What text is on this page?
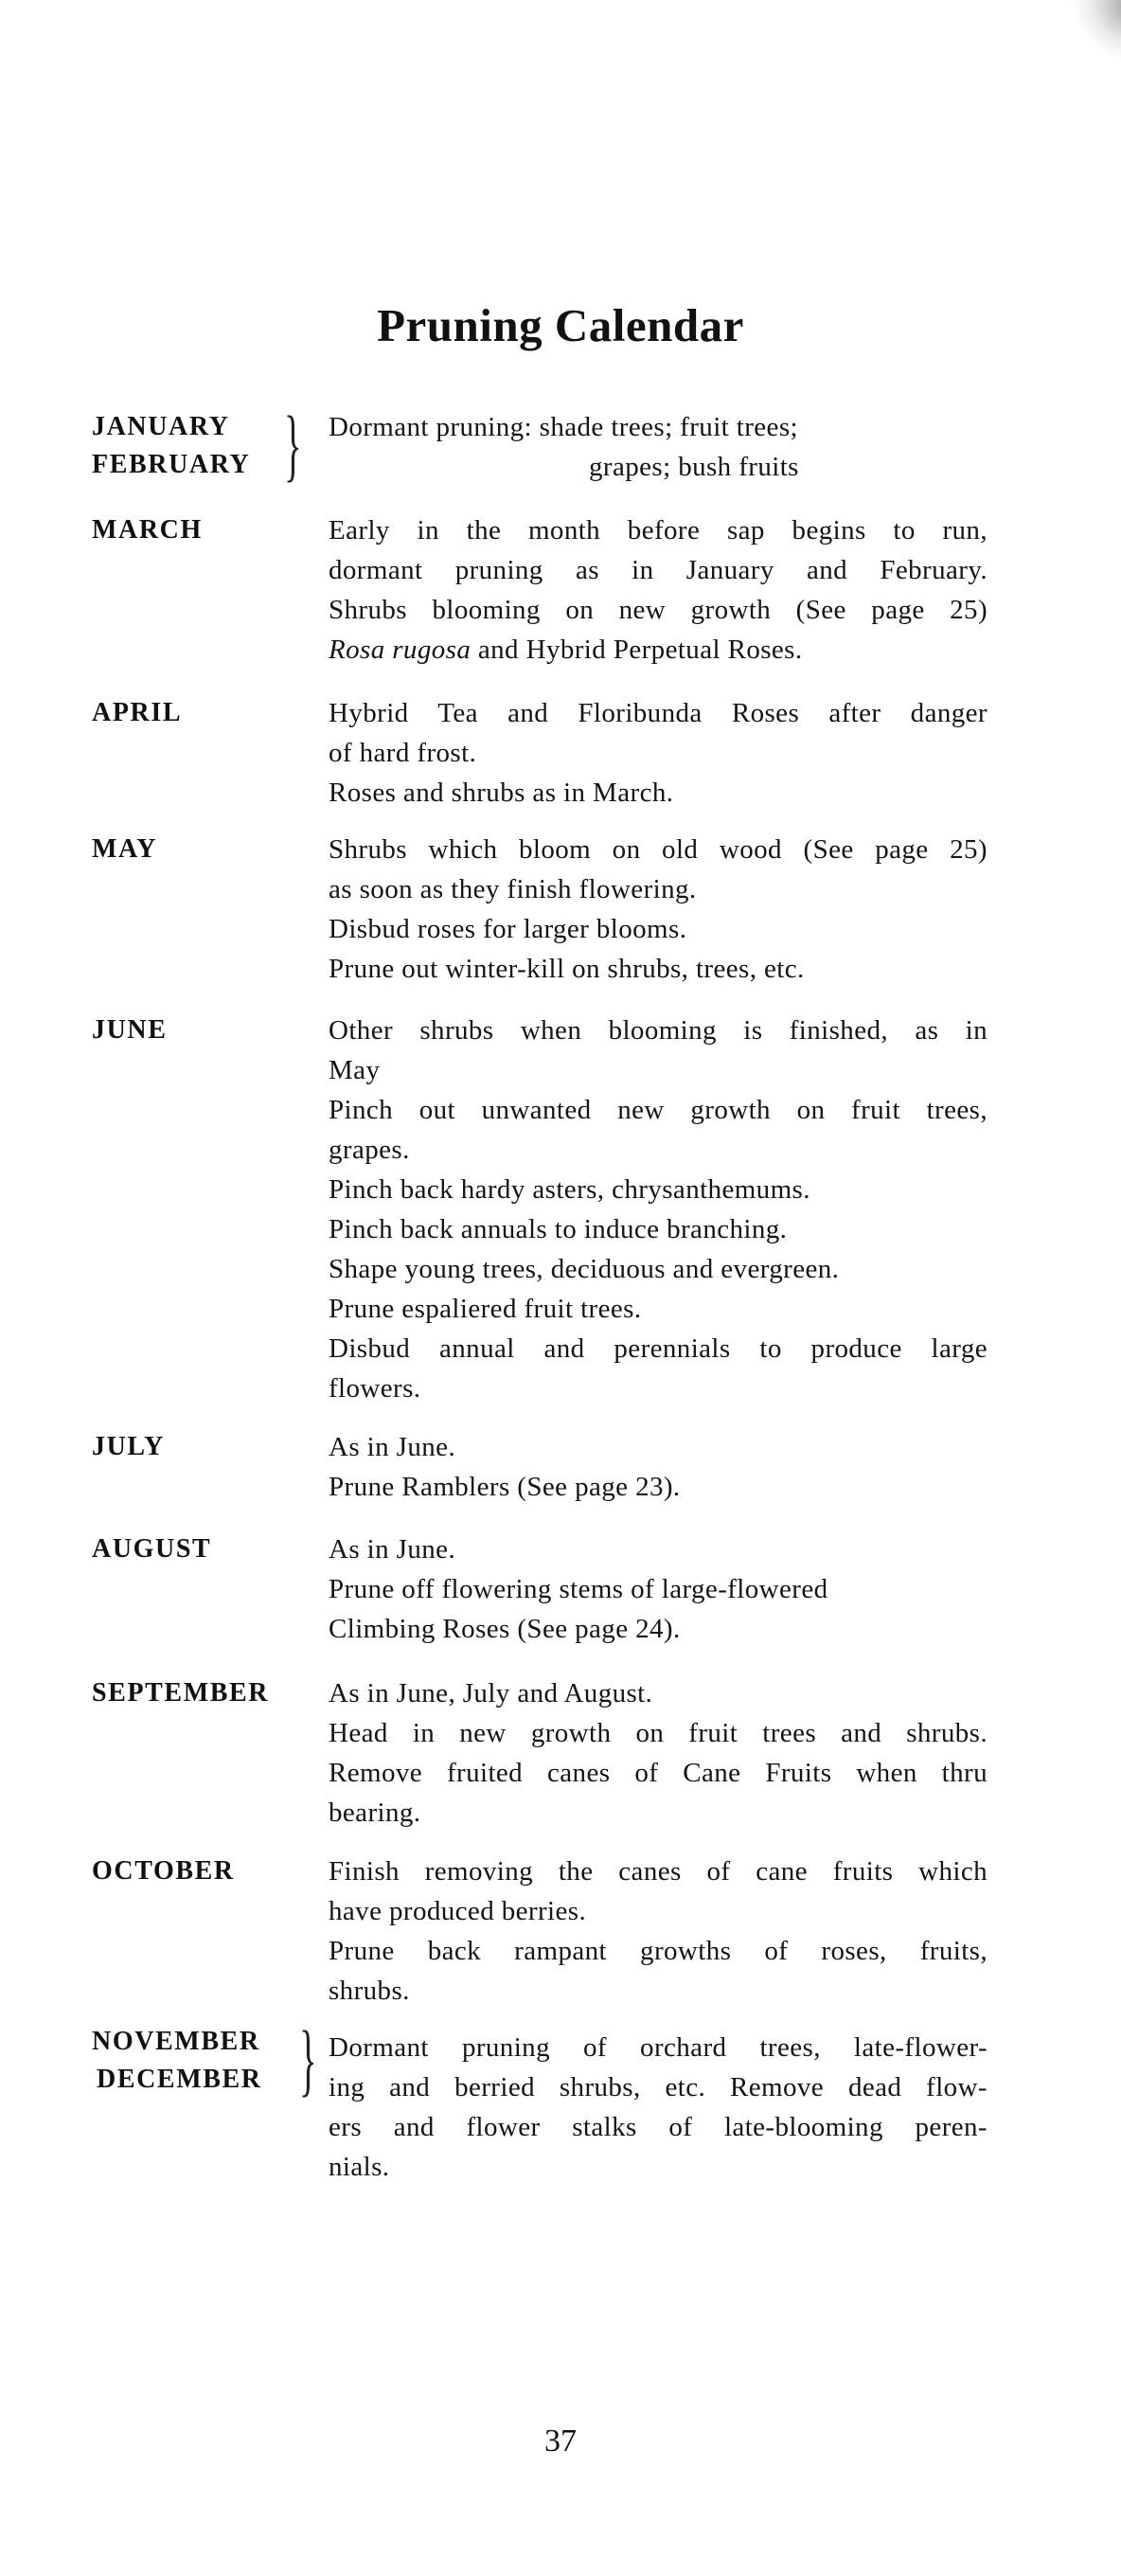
Pruning Calendar
JANUARY
FEBRUARY } Dormant pruning: shade trees; fruit trees;
grapes; bush fruits
MARCH	Early in the month before sap begins to run,
dormant pruning as in January and February.
Shrubs blooming on new growth (See page 25)
Rosa rugosa and Hybrid Perpetual Roses.
APRIL	Hybrid Tea and Floribunda Roses after danger
of hard frost.
Roses and shrubs as in March.
MAY	Shrubs which bloom on old wood (See page 25)
as soon as they finish flowering.
Disbud roses for larger blooms.
Prune out winter-kill on shrubs, trees, etc.
JUNE	Other shrubs when blooming is finished, as in
May
Pinch out unwanted new growth on fruit trees,
grapes.
Pinch back hardy asters, chrysanthemums.
Pinch back annuals to induce branching.
Shape young trees, deciduous and evergreen.
Prune espaliered fruit trees.
Disbud annual and perennials to produce large
flowers.
JULY	As in June.
Prune Ramblers (See page 23).
AUGUST	As in June.
Prune off flowering stems of large-flowered
Climbing Roses (See page 24).
SEPTEMBER As in June, July and August.
Head in new growth on fruit trees and shrubs.
Remove fruited canes of Cane Fruits when thru
bearing.
OCTOBER	Finish removing the canes of cane fruits which
have produced berries.
Prune back rampant growths of roses, fruits,
shrubs.
NOVEMBER
DECEMBER } Dormant pruning of orchard trees, late-flower-
ing and berried shrubs, etc. Remove dead flow-
ers and flower stalks of late-blooming peren-
nials.
37
